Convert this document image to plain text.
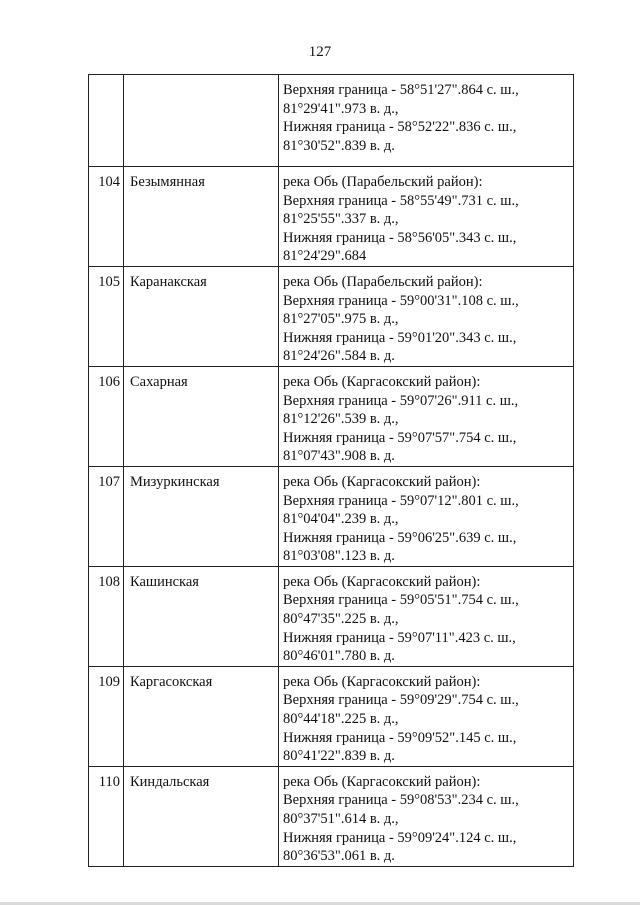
127

		Верхняя граница - 58°51'27".864 с. ш.,
81°29'41".973 в. д.,
Нижняя граница - 58°52'22".836 с. ш.,
81°30'52".839 в. д.

104	Безымянная	река Обь (Парабельский район):
Верхняя граница - 58°55'49".731 с. ш.,
81°25'55".337 в. д.,
Нижняя граница - 58°56'05".343 с. ш.,
81°24'29".684

105	Каранакская	река Обь (Парабельский район):
Верхняя граница - 59°00'31".108 с. ш.,
81°27'05".975 в. д.,
Нижняя граница - 59°01'20".343 с. ш.,
81°24'26".584 в. д.

106	Сахарная	река Обь (Каргасокский район):
Верхняя граница - 59°07'26".911 с. ш.,
81°12'26".539 в. д.,
Нижняя граница - 59°07'57".754 с. ш.,
81°07'43".908 в. д.

107	Мизуркинская	река Обь (Каргасокский район):
Верхняя граница - 59°07'12".801 с. ш.,
81°04'04".239 в. д.,
Нижняя граница - 59°06'25".639 с. ш.,
81°03'08".123 в. д.

108	Кашинская	река Обь (Каргасокский район):
Верхняя граница - 59°05'51".754 с. ш.,
80°47'35".225 в. д.,
Нижняя граница - 59°07'11".423 с. ш.,
80°46'01".780 в. д.

109	Каргасокская	река Обь (Каргасокский район):
Верхняя граница - 59°09'29".754 с. ш.,
80°44'18".225 в. д.,
Нижняя граница - 59°09'52".145 с. ш.,
80°41'22".839 в. д.

110	Киндальская	река Обь (Каргасокский район):
Верхняя граница - 59°08'53".234 с. ш.,
80°37'51".614 в. д.,
Нижняя граница - 59°09'24".124 с. ш.,
80°36'53".061 в. д.
